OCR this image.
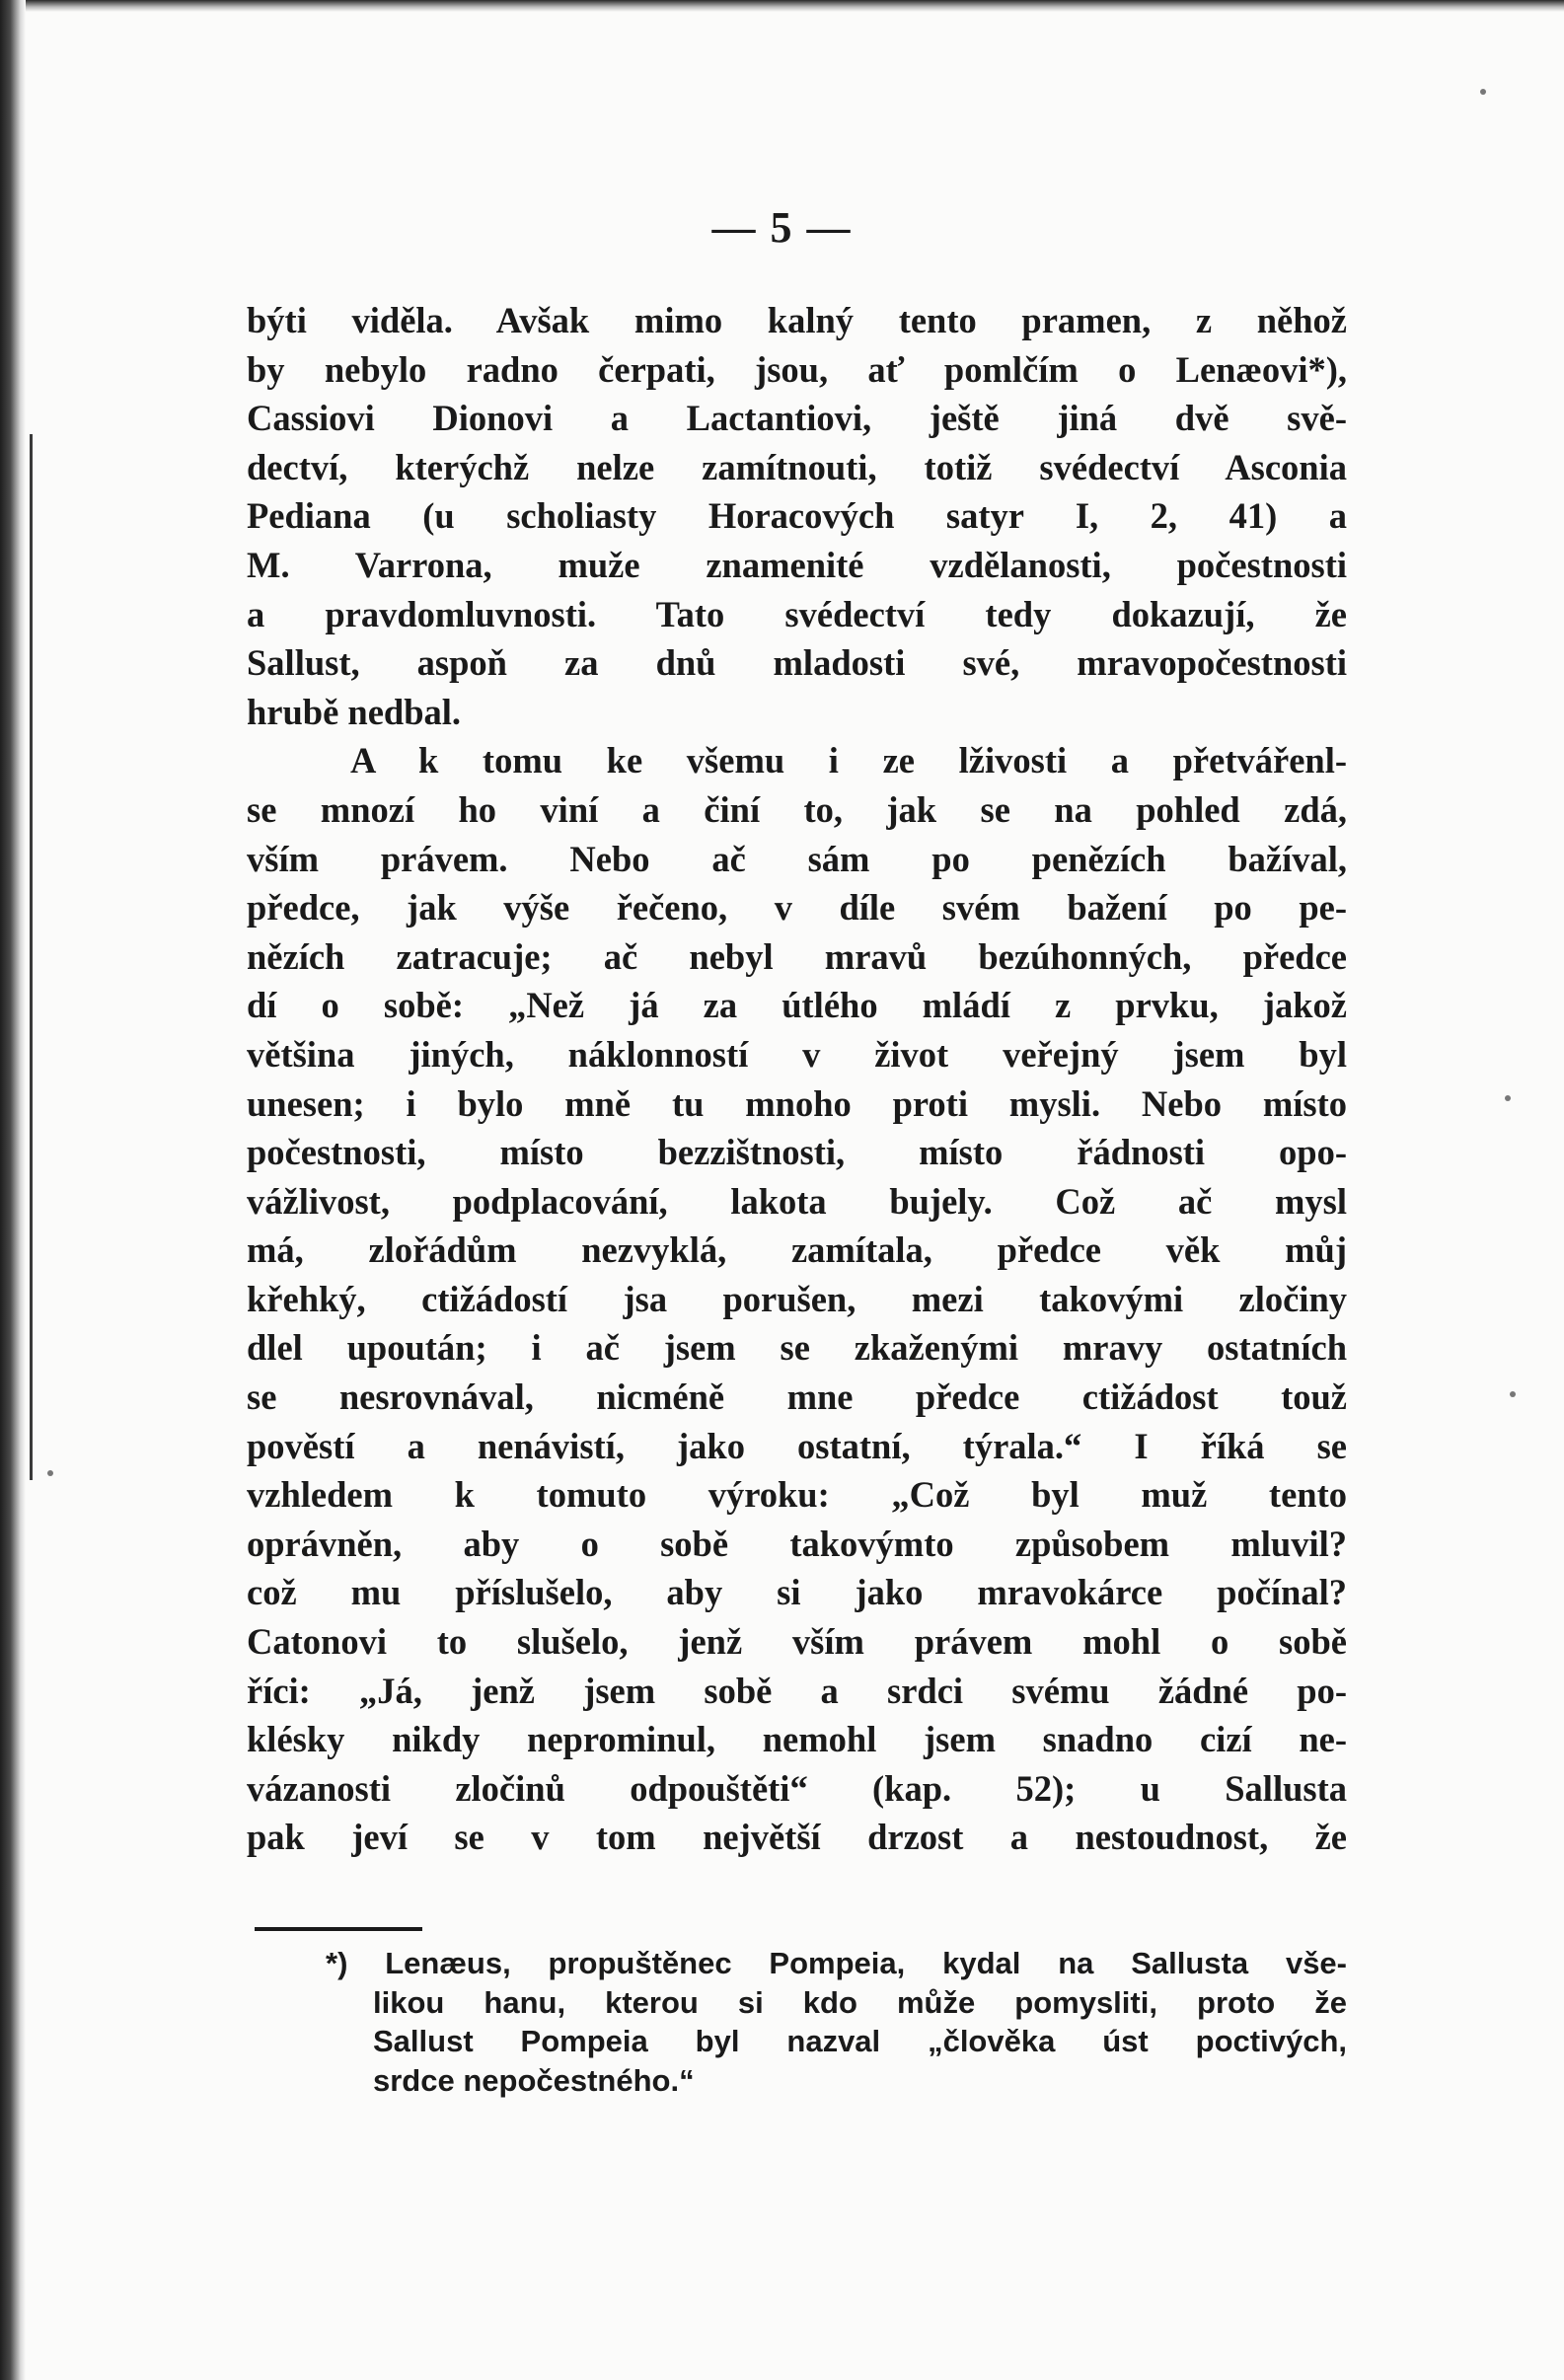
— 5 —
býti viděla. Avšak mimo kalný tento pramen, z něhož
by nebylo radno čerpati, jsou, ať pomlčím o Lenæovi*),
Cassiovi Dionovi a Lactantiovi, ještě jiná dvě svě-
dectví, kterýchž nelze zamítnouti, totiž svédectví Asconia
Pediana (u scholiasty Horacových satyr I, 2, 41) a
M. Varrona, muže znamenité vzdělanosti, počestnosti
a pravdomluvnosti. Tato svédectví tedy dokazují, že
Sallust, aspoň za dnů mladosti své, mravopočestnosti
hrubě nedbal.
A k tomu ke všemu i ze lživosti a přetvářenl-
se mnozí ho viní a činí to, jak se na pohled zdá,
vším právem. Nebo ač sám po penězích bažíval,
předce, jak výše řečeno, v díle svém bažení po pe-
nězích zatracuje; ač nebyl mravů bezúhonných, předce
dí o sobě: „Než já za útlého mládí z prvku, jakož
většina jiných, náklonností v život veřejný jsem byl
unesen; i bylo mně tu mnoho proti mysli. Nebo místo
počestnosti, místo bezzištnosti, místo řádnosti opo-
vážlivost, podplacování, lakota bujely. Což ač mysl
má, zlořádům nezvyklá, zamítala, předce věk můj
křehký, ctižádostí jsa porušen, mezi takovými zločiny
dlel upoután; i ač jsem se zkaženými mravy ostatních
se nesrovnával, nicméně mne předce ctižádost touž
pověstí a nenávistí, jako ostatní, týrala.“ I říká se
vzhledem k tomuto výroku: „Což byl muž tento
oprávněn, aby o sobě takovýmto způsobem mluvil?
což mu příslušelo, aby si jako mravokárce počínal?
Catonovi to slušelo, jenž vším právem mohl o sobě
říci: „Já, jenž jsem sobě a srdci svému žádné po-
klésky nikdy neprominul, nemohl jsem snadno cizí ne-
vázanosti zločinů odpouštěti“ (kap. 52); u Sallusta
pak jeví se v tom největší drzost a nestoudnost, že
*) Lenæus, propuštěnec Pompeia, kydal na Sallusta vše-
likou hanu, kterou si kdo může pomysliti, proto že
Sallust Pompeia byl nazval „člověka úst poctivých,
srdce nepočestného.“
